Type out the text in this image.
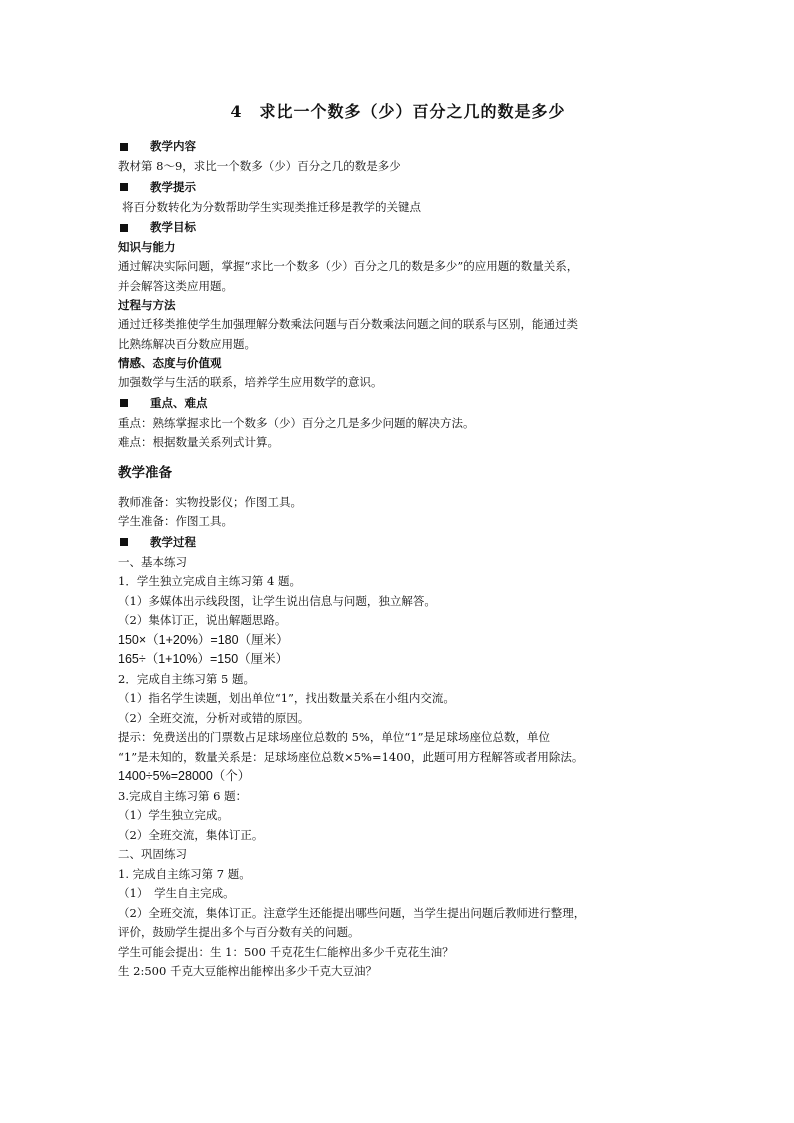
4　求比一个数多（少）百分之几的数是多少
教学内容
教材第 8～9，求比一个数多（少）百分之几的数是多少
教学提示
将百分数转化为分数帮助学生实现类推迁移是教学的关键点
教学目标
知识与能力
通过解决实际问题，掌握“求比一个数多（少）百分之几的数是多少”的应用题的数量关系，
并会解答这类应用题。
过程与方法
通过迁移类推使学生加强理解分数乘法问题与百分数乘法问题之间的联系与区别，能通过类
比熟练解决百分数应用题。
情感、态度与价值观
加强数学与生活的联系，培养学生应用数学的意识。
重点、难点
重点：熟练掌握求比一个数多（少）百分之几是多少问题的解决方法。
难点：根据数量关系列式计算。
教学准备
教师准备：实物投影仪；作图工具。
学生准备：作图工具。
教学过程
一、基本练习
1．学生独立完成自主练习第 4 题。
（1）多媒体出示线段图，让学生说出信息与问题，独立解答。
（2）集体订正，说出解题思路。
150×（1+20%）=180（厘米）
165÷（1+10%）=150（厘米）
2．完成自主练习第 5 题。
（1）指名学生读题，划出单位“1”，找出数量关系在小组内交流。
（2）全班交流，分析对或错的原因。
提示：免费送出的门票数占足球场座位总数的 5%，单位“1”是足球场座位总数，单位
“1”是未知的，数量关系是：足球场座位总数×5%=1400，此题可用方程解答或者用除法。
1400÷5%=28000（个）
3.完成自主练习第 6 题：
（1）学生独立完成。
（2）全班交流，集体订正。
二、巩固练习
1. 完成自主练习第 7 题。
（1）　学生自主完成。
（2）全班交流，集体订正。注意学生还能提出哪些问题，当学生提出问题后教师进行整理，
评价，鼓励学生提出多个与百分数有关的问题。
学生可能会提出：生 1：500 千克花生仁能榨出多少千克花生油？
生 2:500 千克大豆能榨出能榨出多少千克大豆油？
